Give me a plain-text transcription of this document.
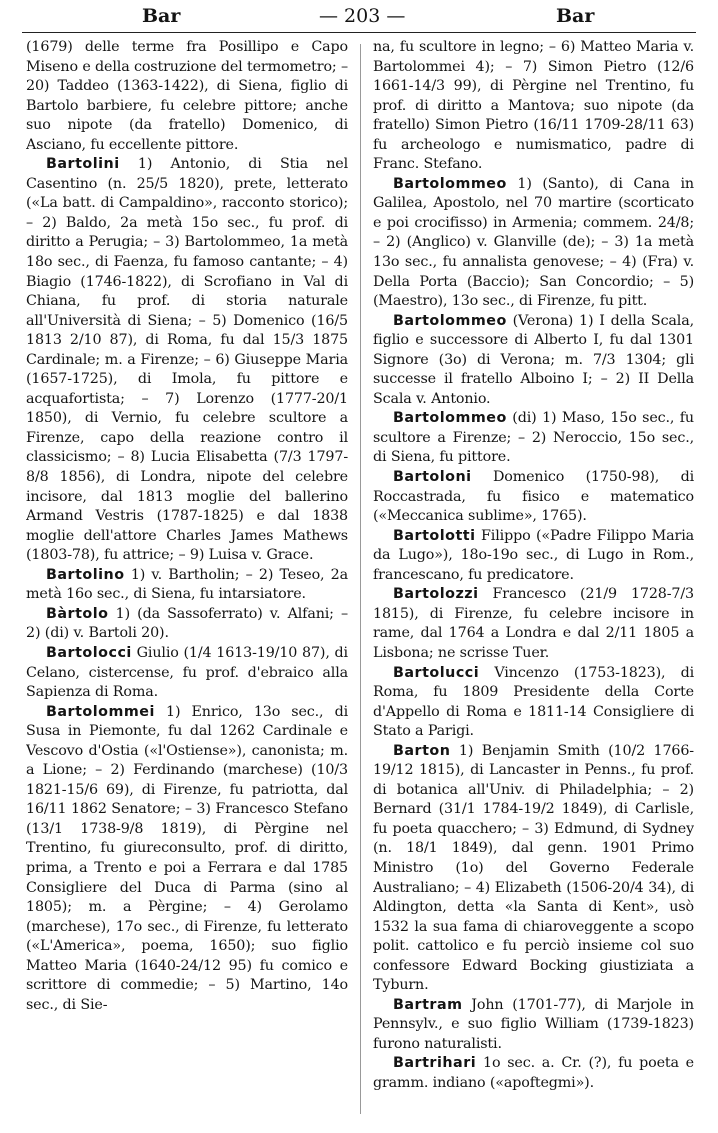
Bar	— 203 —	Bar

(1679) delle terme fra Posillipo e Capo Miseno e della costruzione del termometro; – 20) Taddeo (1363-1422), di Siena, figlio di Bartolo barbiere, fu celebre pittore; anche suo nipote (da fratello) Domenico, di Asciano, fu eccellente pittore.

Bartolini 1) Antonio, di Stia nel Casentino (n. 25/5 1820), prete, letterato («La batt. di Campaldino», racconto storico); – 2) Baldo, 2a metà 15o sec., fu prof. di diritto a Perugia; – 3) Bartolommeo, 1a metà 18o sec., di Faenza, fu famoso cantante; – 4) Biagio (1746-1822), di Scrofiano in Val di Chiana, fu prof. di storia naturale all'Università di Siena; – 5) Domenico (16/5 1813 2/10 87), di Roma, fu dal 15/3 1875 Cardinale; m. a Firenze; – 6) Giuseppe Maria (1657-1725), di Imola, fu pittore e acquafortista; – 7) Lorenzo (1777-20/1 1850), di Vernio, fu celebre scultore a Firenze, capo della reazione contro il classicismo; – 8) Lucia Elisabetta (7/3 1797-8/8 1856), di Londra, nipote del celebre incisore, dal 1813 moglie del ballerino Armand Vestris (1787-1825) e dal 1838 moglie dell'attore Charles James Mathews (1803-78), fu attrice; – 9) Luisa v. Grace.

Bartolino 1) v. Bartholin; – 2) Teseo, 2a metà 16o sec., di Siena, fu intarsiatore.

Bàrtolo 1) (da Sassoferrato) v. Alfani; – 2) (di) v. Bartoli 20).

Bartolocci Giulio (1/4 1613-19/10 87), di Celano, cistercense, fu prof. d'ebraico alla Sapienza di Roma.

Bartolommei 1) Enrico, 13o sec., di Susa in Piemonte, fu dal 1262 Cardinale e Vescovo d'Ostia («l'Ostiense»), canonista; m. a Lione; – 2) Ferdinando (marchese) (10/3 1821-15/6 69), di Firenze, fu patriotta, dal 16/11 1862 Senatore; – 3) Francesco Stefano (13/1 1738-9/8 1819), di Pèrgine nel Trentino, fu giureconsulto, prof. di diritto, prima, a Trento e poi a Ferrara e dal 1785 Consigliere del Duca di Parma (sino al 1805); m. a Pèrgine; – 4) Gerolamo (marchese), 17o sec., di Firenze, fu letterato («L'America», poema, 1650); suo figlio Matteo Maria (1640-24/12 95) fu comico e scrittore di commedie; – 5) Martino, 14o sec., di Sie-

na, fu scultore in legno; – 6) Matteo Maria v. Bartolommei 4); – 7) Simon Pietro (12/6 1661-14/3 99), di Pèrgine nel Trentino, fu prof. di diritto a Mantova; suo nipote (da fratello) Simon Pietro (16/11 1709-28/11 63) fu archeologo e numismatico, padre di Franc. Stefano.

Bartolommeo 1) (Santo), di Cana in Galilea, Apostolo, nel 70 martire (scorticato e poi crocifisso) in Armenia; commem. 24/8; – 2) (Anglico) v. Glanville (de); – 3) 1a metà 13o sec., fu annalista genovese; – 4) (Fra) v. Della Porta (Baccio); San Concordio; – 5) (Maestro), 13o sec., di Firenze, fu pitt.

Bartolommeo (Verona) 1) I della Scala, figlio e successore di Alberto I, fu dal 1301 Signore (3o) di Verona; m. 7/3 1304; gli successe il fratello Alboino I; – 2) II Della Scala v. Antonio.

Bartolommeo (di) 1) Maso, 15o sec., fu scultore a Firenze; – 2) Neroccio, 15o sec., di Siena, fu pittore.

Bartoloni Domenico (1750-98), di Roccastrada, fu fisico e matematico («Meccanica sublime», 1765).

Bartolotti Filippo («Padre Filippo Maria da Lugo»), 18o-19o sec., di Lugo in Rom., francescano, fu predicatore.

Bartolozzi Francesco (21/9 1728-7/3 1815), di Firenze, fu celebre incisore in rame, dal 1764 a Londra e dal 2/11 1805 a Lisbona; ne scrisse Tuer.

Bartolucci Vincenzo (1753-1823), di Roma, fu 1809 Presidente della Corte d'Appello di Roma e 1811-14 Consigliere di Stato a Parigi.

Barton 1) Benjamin Smith (10/2 1766-19/12 1815), di Lancaster in Penns., fu prof. di botanica all'Univ. di Philadelphia; – 2) Bernard (31/1 1784-19/2 1849), di Carlisle, fu poeta quacchero; – 3) Edmund, di Sydney (n. 18/1 1849), dal genn. 1901 Primo Ministro (1o) del Governo Federale Australiano; – 4) Elizabeth (1506-20/4 34), di Aldington, detta «la Santa di Kent», usò 1532 la sua fama di chiaroveggente a scopo polit. cattolico e fu perciò insieme col suo confessore Edward Bocking giustiziata a Tyburn.

Bartram John (1701-77), di Marjole in Pennsylv., e suo figlio William (1739-1823) furono naturalisti.

Bartrihari 1o sec. a. Cr. (?), fu poeta e gramm. indiano («apoftegmi»).
